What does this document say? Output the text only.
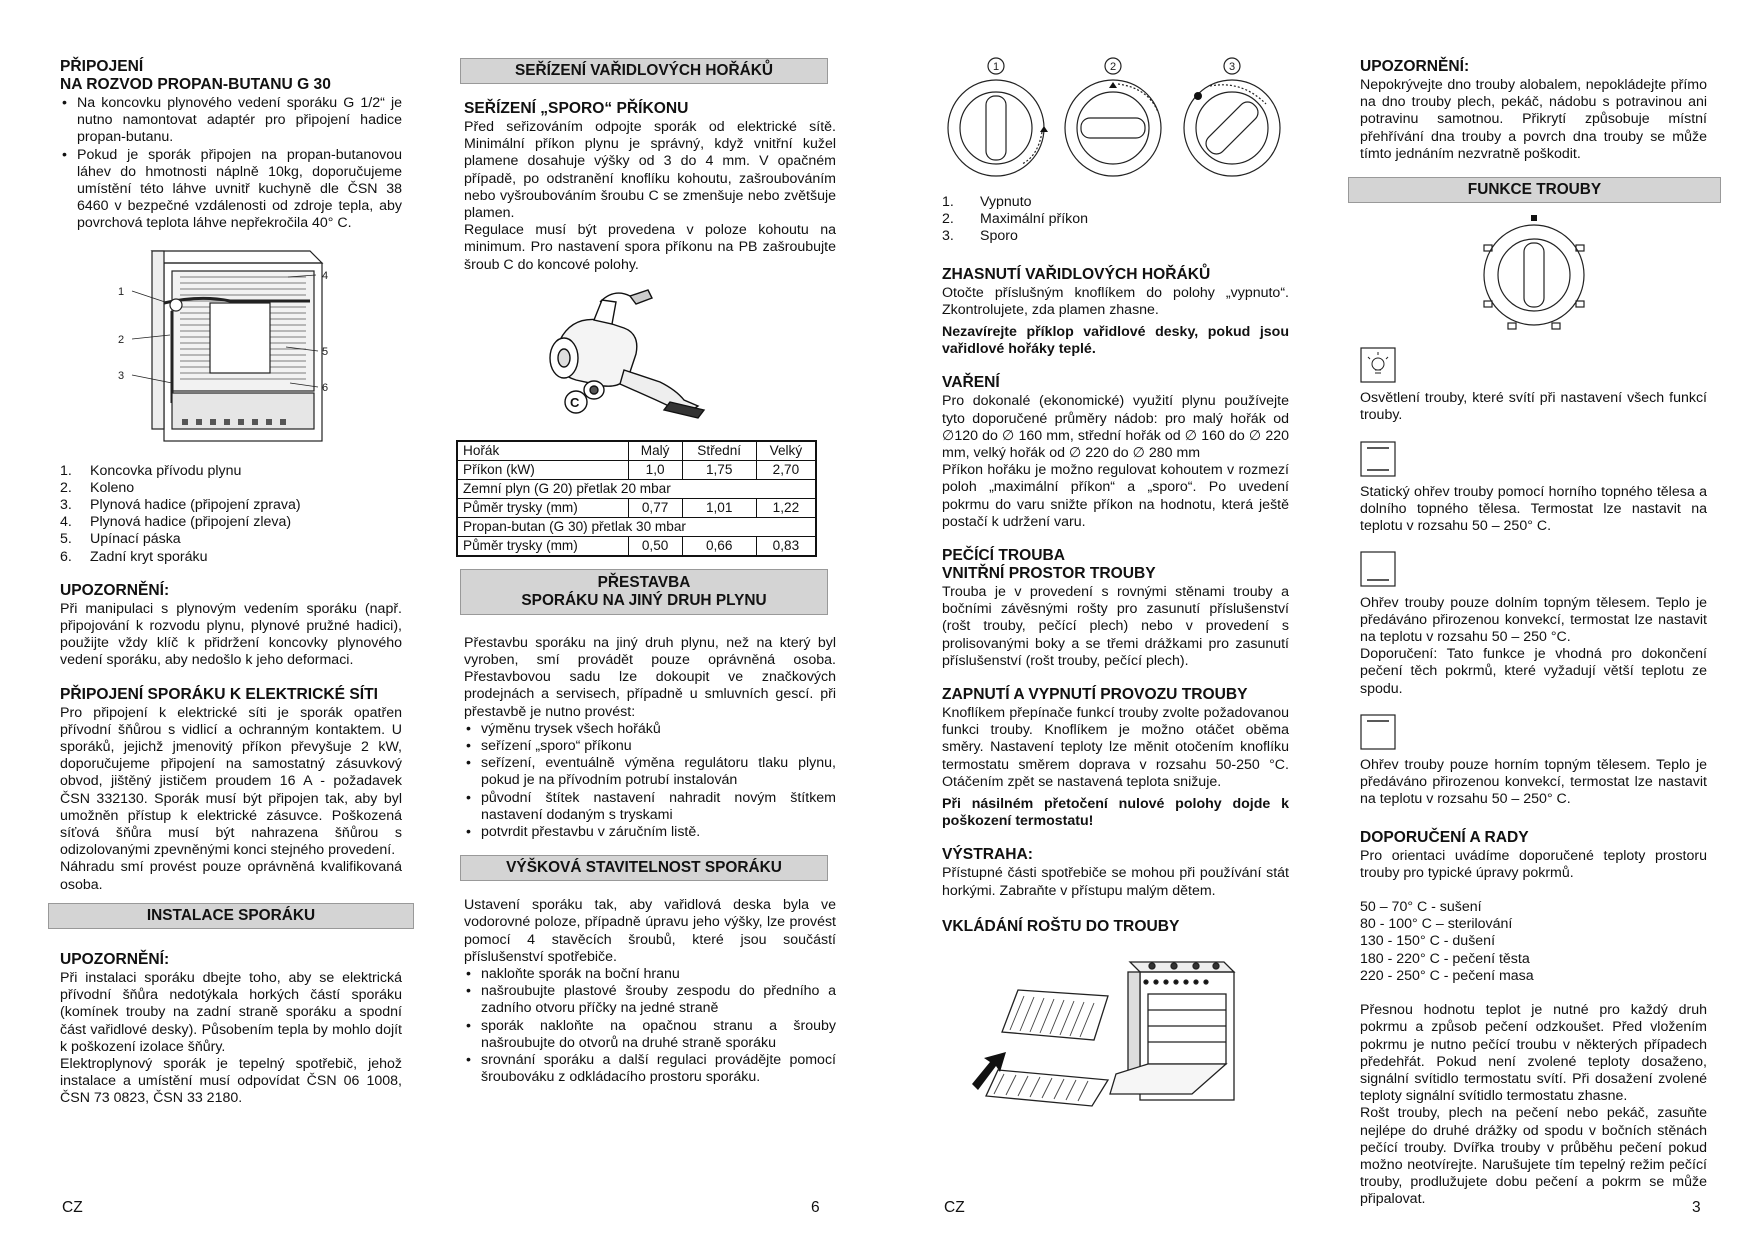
PŘIPOJENÍ
NA ROZVOD PROPAN-BUTANU G 30
• Na koncovku plynového vedení sporáku G 1/2“ je nutno namontovat adaptér pro připojení hadice propan-butanu.
• Pokud je sporák připojen na propan-butanovou láhev do hmotnosti náplně 10kg, doporučujeme umístění této láhve uvnitř kuchyně dle ČSN 38 6460 v bezpečné vzdálenosti od zdroje tepla, aby povrchová teplota láhve nepřekročila 40° C.
1
2
3
4
5
6
1.	Koncovka přívodu plynu
2.	Koleno
3.	Plynová hadice (připojení zprava)
4.	Plynová hadice (připojení zleva)
5.	Upínací páska
6.	Zadní kryt sporáku
UPOZORNĚNÍ:

Při manipulaci s plynovým vedením sporáku (např. připojování k rozvodu plynu, plynové pružné hadici), použijte vždy klíč k přidržení koncovky plynového vedení sporáku, aby nedošlo k jeho deformaci.

PŘIPOJENÍ SPORÁKU K ELEKTRICKÉ SÍTI

Pro připojení k elektrické síti je sporák opatřen přívodní šňůrou s vidlicí a ochranným kontaktem. U sporáků, jejichž jmenovitý příkon převyšuje 2 kW, doporučujeme připojení na samostatný zásuvkový obvod, jištěný jističem proudem 16 A - požadavek ČSN 332130. Sporák musí být připojen tak, aby byl umožněn přístup k elektrické zásuvce. Poškozená síťová šňůra musí být nahrazena šňůrou s odizolovanými zpevněnými konci stejného provedení.

Náhradu smí provést pouze oprávněná kvalifikovaná osoba.

INSTALACE SPORÁKU
UPOZORNĚNÍ:

Při instalaci sporáku dbejte toho, aby se elektrická přívodní šňůra nedotýkala horkých částí sporáku (komínek trouby na zadní straně sporáku a spodní část vařidlové desky). Působením tepla by mohlo dojít k poškození izolace šňůry.

Elektroplynový sporák je tepelný spotřebič, jehož instalace a umístění musí odpovídat ČSN 06 1008, ČSN 73 0823, ČSN 33 2180.

SEŘÍZENÍ VAŘIDLOVÝCH HOŘÁKŮ
SEŘÍZENÍ „SPORO“ PŘÍKONU

Před seřizováním odpojte sporák od elektrické sítě. Minimální příkon plynu je správný, když vnitřní kužel plamene dosahuje výšky od 3 do 4 mm. V opačném případě, po odstranění knoflíku kohoutu, zašroubováním nebo vyšroubováním šroubu C se zmenšuje nebo zvětšuje plamen.

Regulace musí být provedena v poloze kohoutu na minimum. Pro nastavení spora příkonu na PB zašroubujte šroub C do koncové polohy.

C
Hořák	Malý	Střední	Velký
Příkon (kW)	1,0	1,75	2,70
Zemní plyn (G 20) přetlak 20 mbar			
Půměr trysky (mm)	0,77	1,01	1,22
Propan-butan (G 30) přetlak 30 mbar			
Půměr trysky (mm)	0,50	0,66	0,83
PŘESTAVBA
SPORÁKU NA JINÝ DRUH PLYNU

Přestavbu sporáku na jiný druh plynu, než na který byl vyroben, smí provádět pouze oprávněná osoba. Přestavbovou sadu lze dokoupit ve značkových prodejnách a servisech, případně u smluvních gescí. při přestavbě je nutno provést:

• výměnu trysek všech hořáků
• seřízení „sporo“ příkonu
• seřízení, eventuálně výměna regulátoru tlaku plynu, pokud je na přívodním potrubí instalován
• původní štítek nastavení nahradit novým štítkem nastavení dodaným s tryskami
• potvrdit přestavbu v záručním listě.
VÝŠKOVÁ STAVITELNOST SPORÁKU

Ustavení sporáku tak, aby vařidlová deska byla ve vodorovné poloze, případně úpravu jeho výšky, lze provést pomocí 4 stavěcích šroubů, které jsou součástí příslušenství spotřebiče.

• nakloňte sporák na boční hranu
• našroubujte plastové šrouby zespodu do předního a zadního otvoru příčky na jedné straně
• sporák nakloňte na opačnou stranu a šrouby našroubujte do otvorů na druhé straně sporáku
• srovnání sporáku a další regulaci provádějte pomocí šroubováku z odkládacího prostoru sporáku.
1	2	3
1.	Vypnuto
2.	Maximální příkon
3.	Sporo
ZHASNUTÍ VAŘIDLOVÝCH HOŘÁKŮ

Otočte příslušným knoflíkem do polohy „vypnuto“. Zkontrolujete, zda plamen zhasne.

Nezavírejte příklop vařidlové desky, pokud jsou vařidlové hořáky teplé.

VAŘENÍ

Pro dokonalé (ekonomické) využití plynu používejte tyto doporučené průměry nádob: pro malý hořák od ∅120 do ∅ 160 mm, střední hořák od ∅ 160 do ∅ 220 mm, velký hořák od ∅ 220 do ∅ 280 mm

Příkon hořáku je možno regulovat kohoutem v rozmezí poloh „maximální příkon“ a „sporo“. Po uvedení pokrmu do varu snižte příkon na hodnotu, která ještě postačí k udržení varu.

PEČÍCÍ TROUBA
VNITŘNÍ PROSTOR TROUBY

Trouba je v provedení s rovnými stěnami trouby a bočními závěsnými rošty pro zasunutí příslušenství (rošt trouby, pečící plech) nebo v provedení s prolisovanými boky a se třemi drážkami pro zasunutí příslušenství (rošt trouby, pečící plech).

ZAPNUTÍ A VYPNUTÍ PROVOZU TROUBY

Knoflíkem přepínače funkcí trouby zvolte požadovanou funkci trouby. Knoflíkem je možno otáčet oběma směry. Nastavení teploty lze měnit otočením knoflíku termostatu směrem doprava v rozsahu 50-250 °C. Otáčením zpět se nastavená teplota snižuje.

Při násilném přetočení nulové polohy dojde k poškození termostatu!

VÝSTRAHA:

Přístupné části spotřebiče se mohou při používání stát horkými. Zabraňte v přístupu malým dětem.

VKLÁDÁNÍ ROŠTU DO TROUBY
UPOZORNĚNÍ:

Nepokrývejte dno trouby alobalem, nepokládejte přímo na dno trouby plech, pekáč, nádobu s potravinou ani potravinu samotnou. Přikrytí způsobuje místní přehřívání dna trouby a povrch dna trouby se může tímto jednáním nezvratně poškodit.

FUNKCE TROUBY

Osvětlení trouby, které svítí při nastavení všech funkcí trouby.

Statický ohřev trouby pomocí horního topného tělesa a dolního topného tělesa. Termostat lze nastavit na teplotu v rozsahu 50 – 250° C.

Ohřev trouby pouze dolním topným tělesem. Teplo je předáváno přirozenou konvekcí, termostat lze nastavit na teplotu v rozsahu 50 – 250 °C.

Doporučení: Tato funkce je vhodná pro dokončení pečení těch pokrmů, které vyžadují větší teplotu ze spodu.

Ohřev trouby pouze horním topným tělesem. Teplo je předáváno přirozenou konvekcí, termostat lze nastavit na teplotu v rozsahu 50 – 250° C.

DOPORUČENÍ A RADY

Pro orientaci uvádíme doporučené teploty prostoru trouby pro typické úpravy pokrmů.

50 – 70° C - sušení
80 - 100° C – sterilování
130 - 150° C - dušení
180 - 220° C - pečení těsta
220 - 250° C - pečení masa

Přesnou hodnotu teplot je nutné pro každý druh pokrmu a způsob pečení odzkoušet. Před vložením pokrmu je nutno pečící troubu v některých případech předehřát. Pokud není zvolené teploty dosaženo, signální svítidlo termostatu svítí. Při dosažení zvolené teploty signální svítidlo termostatu zhasne.

Rošt trouby, plech na pečení nebo pekáč, zasuňte nejlépe do druhé drážky od spodu v bočních stěnách pečící trouby. Dvířka trouby v průběhu pečení pokud možno neotvírejte. Narušujete tím tepelný režim pečící trouby, prodlužujete dobu pečení a pokrm se může připalovat.

CZ	6	CZ	3
